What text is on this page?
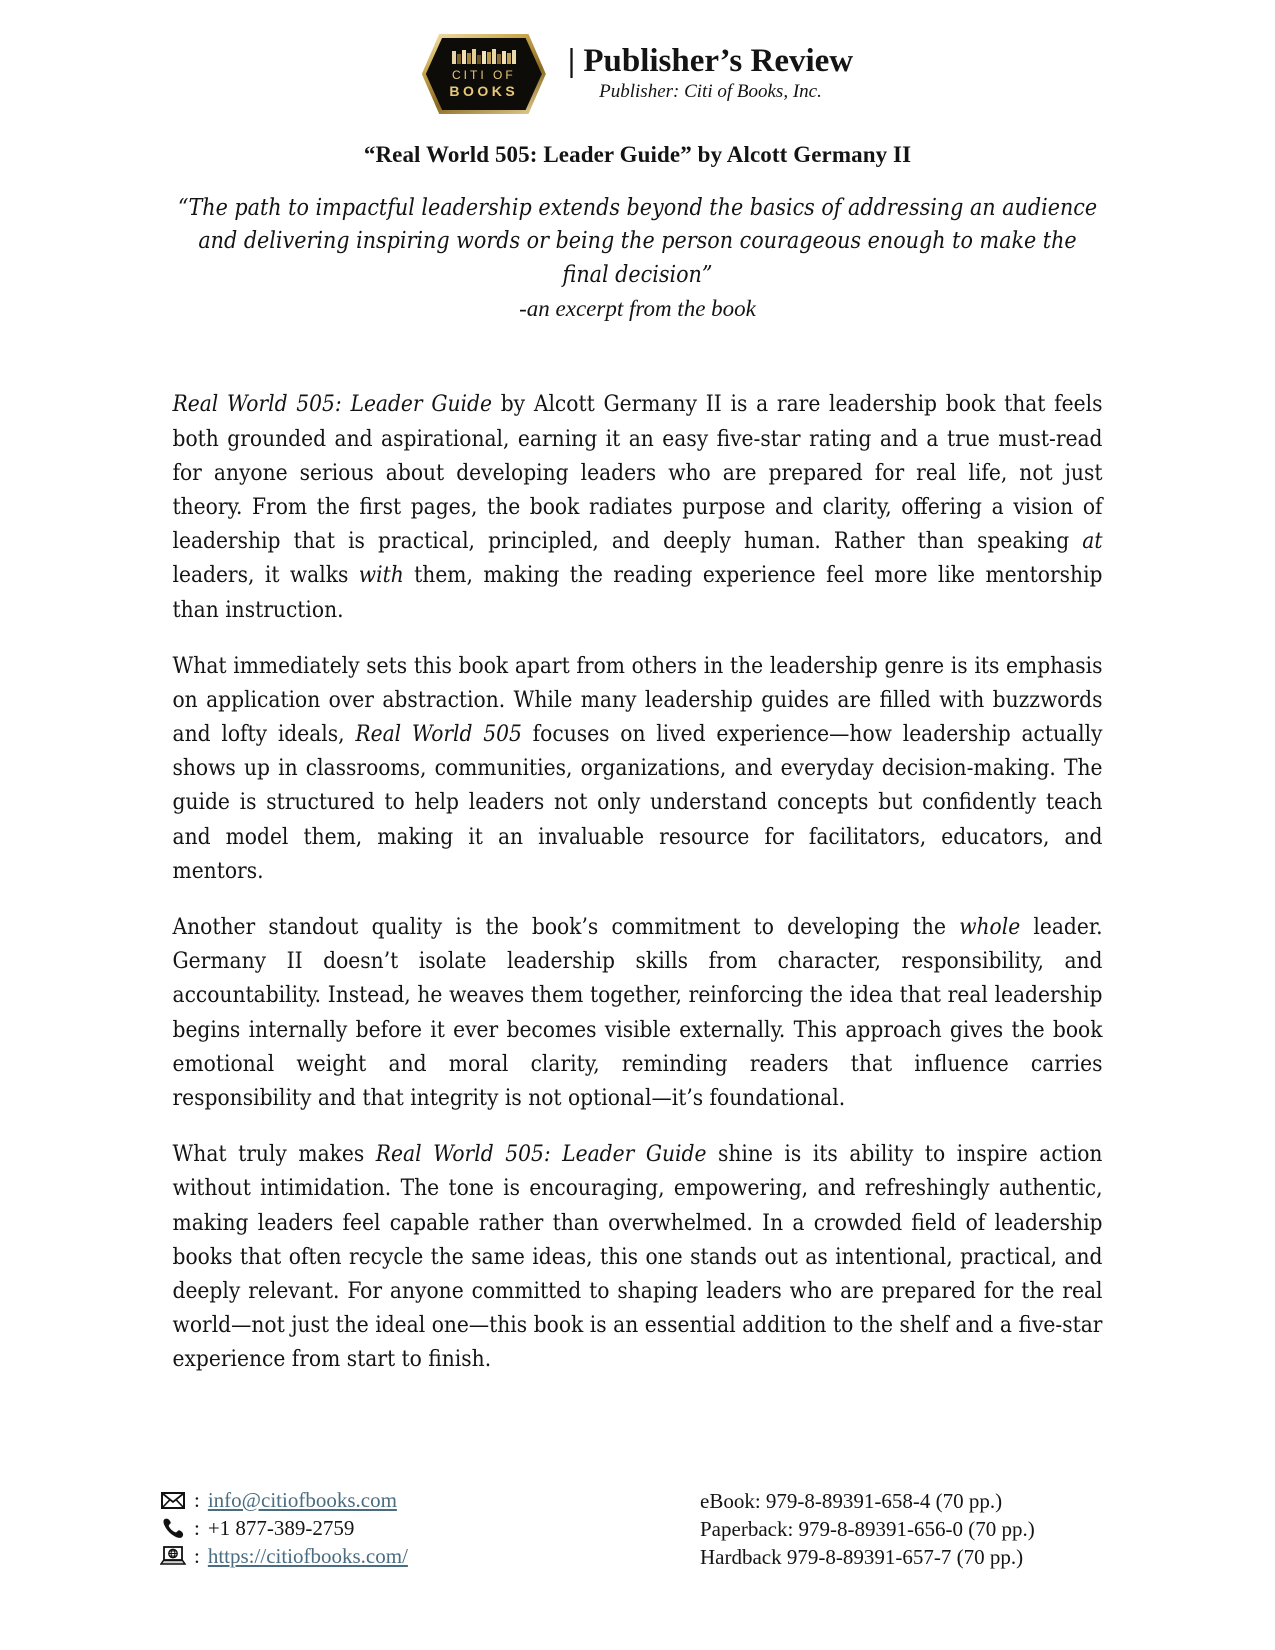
CITI OF
BOOKS
| Publisher’s Review
Publisher: Citi of Books, Inc.
“Real World 505: Leader Guide” by Alcott Germany II
“The path to impactful leadership extends beyond the basics of addressing an audience and delivering inspiring words or being the person courageous enough to make the final decision”
-an excerpt from the book

Real World 505: Leader Guide by Alcott Germany II is a rare leadership book that feels both grounded and aspirational, earning it an easy five-star rating and a true must-read for anyone serious about developing leaders who are prepared for real life, not just theory. From the first pages, the book radiates purpose and clarity, offering a vision of leadership that is practical, principled, and deeply human. Rather than speaking at leaders, it walks with them, making the reading experience feel more like mentorship than instruction.

What immediately sets this book apart from others in the leadership genre is its emphasis on application over abstraction. While many leadership guides are filled with buzzwords and lofty ideals, Real World 505 focuses on lived experience—how leadership actually shows up in classrooms, communities, organizations, and everyday decision-making. The guide is structured to help leaders not only understand concepts but confidently teach and model them, making it an invaluable resource for facilitators, educators, and mentors.

Another standout quality is the book’s commitment to developing the whole leader. Germany II doesn’t isolate leadership skills from character, responsibility, and accountability. Instead, he weaves them together, reinforcing the idea that real leadership begins internally before it ever becomes visible externally. This approach gives the book emotional weight and moral clarity, reminding readers that influence carries responsibility and that integrity is not optional—it’s foundational.

What truly makes Real World 505: Leader Guide shine is its ability to inspire action without intimidation. The tone is encouraging, empowering, and refreshingly authentic, making leaders feel capable rather than overwhelmed. In a crowded field of leadership books that often recycle the same ideas, this one stands out as intentional, practical, and deeply relevant. For anyone committed to shaping leaders who are prepared for the real world—not just the ideal one—this book is an essential addition to the shelf and a five-star experience from start to finish.

: info@citiofbooks.com
: +1 877-389-2759
: https://citiofbooks.com/
eBook: 979-8-89391-658-4 (70 pp.)
Paperback: 979-8-89391-656-0 (70 pp.)
Hardback 979-8-89391-657-7 (70 pp.)
